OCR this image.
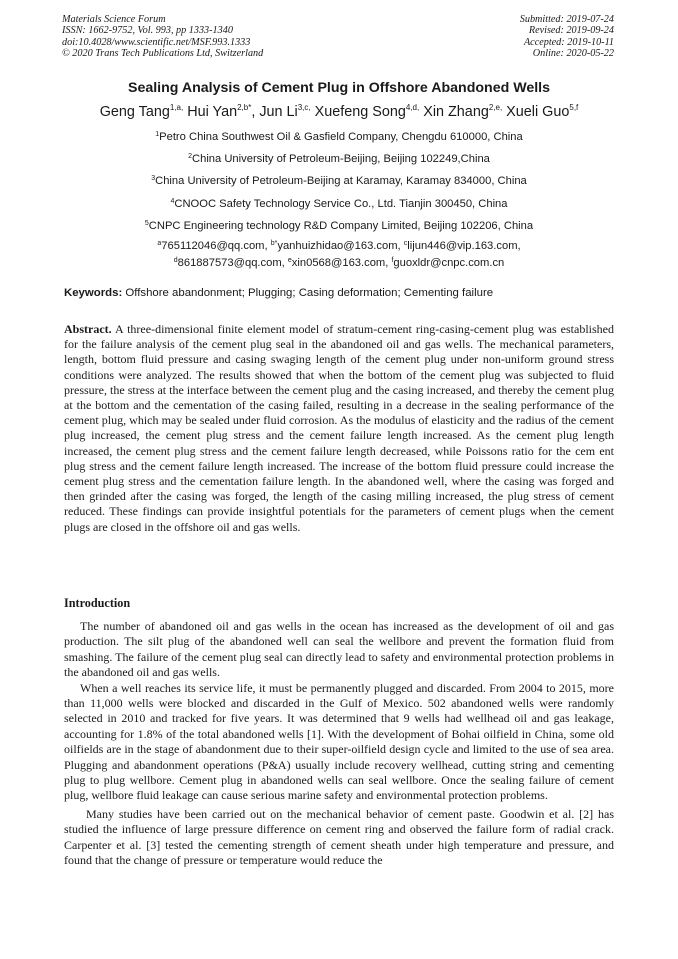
Materials Science Forum
ISSN: 1662-9752, Vol. 993, pp 1333-1340
doi:10.4028/www.scientific.net/MSF.993.1333
© 2020 Trans Tech Publications Ltd, Switzerland
Submitted: 2019-07-24
Revised: 2019-09-24
Accepted: 2019-10-11
Online: 2020-05-22
Sealing Analysis of Cement Plug in Offshore Abandoned Wells
Geng Tang$^{1,a,}$ Hui Yan$^{2,b*}$, Jun $Li^{3,c,}$ Xuefeng Song$^{4,d,}$ Xin Zhang$^{2,e,}$ Xueli Guo$^{5,f}$
$^1$Petro China Southwest Oil & Gasfield Company, Chengdu 610000, China
$^2$China University of Petroleum-Beijing, Beijing 102249,China
$^3$China University of Petroleum-Beijing at Karamay, Karamay 834000, China
$^4$CNOOC Safety Technology Service Co., Ltd. Tianjin 300450, China
$^5$CNPC Engineering technology R&D Company Limited, Beijing 102206, China
$^a$765112046@qq.com, $^{b*}$yanhuizhidao@163.com, $^c$lijun446@vip.163.com,
$^d$861887573@qq.com, $^e$xin0568@163.com, $^f$guoxldr@cnpc.com.cn
Keywords: Offshore abandonment; Plugging; Casing deformation; Cementing failure
Abstract. A three-dimensional finite element model of stratum-cement ring-casing-cement plug was established for the failure analysis of the cement plug seal in the abandoned oil and gas wells. The mechanical parameters, length, bottom fluid pressure and casing swaging length of the cement plug under non-uniform ground stress conditions were analyzed. The results showed that when the bottom of the cement plug was subjected to fluid pressure, the stress at the interface between the cement plug and the casing increased, and thereby the cement plug at the bottom and the cementation of the casing failed, resulting in a decrease in the sealing performance of the cement plug, which may be sealed under fluid corrosion. As the modulus of elasticity and the radius of the cement plug increased, the cement plug stress and the cement failure length increased. As the cement plug length increased, the cement plug stress and the cement failure length decreased, while Poissons ratio for the cem ent plug stress and the cement failure length increased. The increase of the bottom fluid pressure could increase the cement plug stress and the cementation failure length. In the abandoned well, where the casing was forged and then grinded after the casing was forged, the length of the casing milling increased, the plug stress of cement reduced. These findings can provide insightful potentials for the parameters of cement plugs when the cement plugs are closed in the offshore oil and gas wells.
Introduction

The number of abandoned oil and gas wells in the ocean has increased as the development of oil and gas production. The silt plug of the abandoned well can seal the wellbore and prevent the formation fluid from smashing. The failure of the cement plug seal can directly lead to safety and environmental protection problems in the abandoned oil and gas wells.

When a well reaches its service life, it must be permanently plugged and discarded. From 2004 to 2015, more than 11,000 wells were blocked and discarded in the Gulf of Mexico. 502 abandoned wells were randomly selected in 2010 and tracked for five years. It was determined that 9 wells had wellhead oil and gas leakage, accounting for 1.8% of the total abandoned wells [1]. With the development of Bohai oilfield in China, some old oilfields are in the stage of abandonment due to their super-oilfield design cycle and limited to the use of sea area. Plugging and abandonment operations (P&A) usually include recovery wellhead, cutting string and cementing plug to plug wellbore. Cement plug in abandoned wells can seal wellbore. Once the sealing failure of cement plug, wellbore fluid leakage can cause serious marine safety and environmental protection problems.

Many studies have been carried out on the mechanical behavior of cement paste. Goodwin et al. [2] has studied the influence of large pressure difference on cement ring and observed the failure form of radial crack. Carpenter et al. [3] tested the cementing strength of cement sheath under high temperature and pressure, and found that the change of pressure or temperature would reduce the
